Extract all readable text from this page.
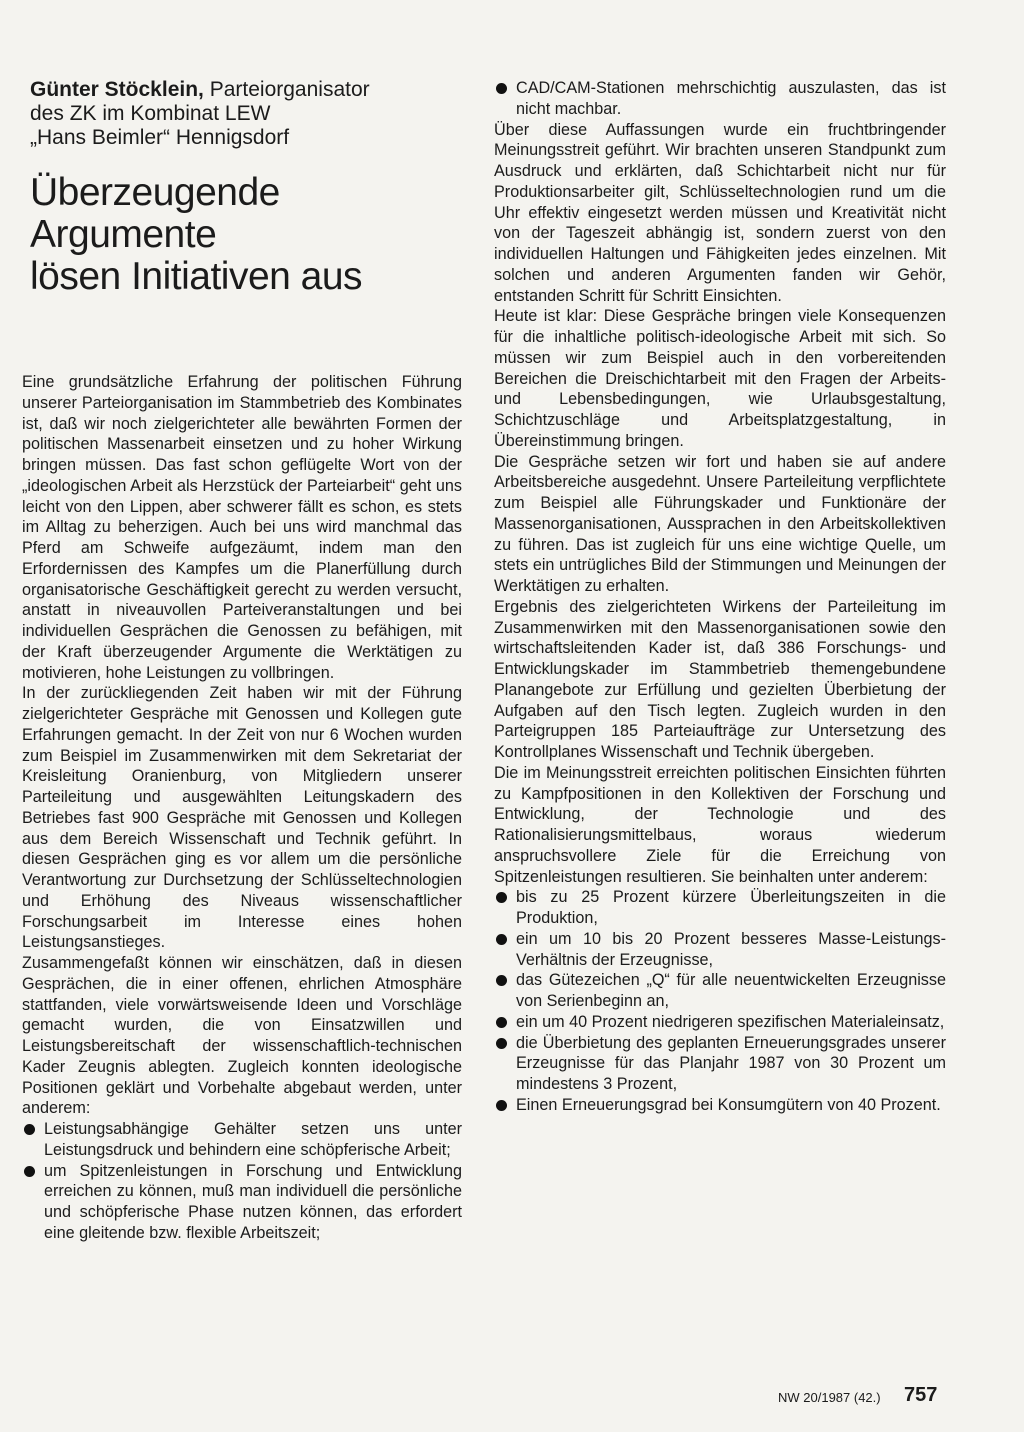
Günter Stöcklein, Parteiorganisator
des ZK im Kombinat LEW
„Hans Beimler“ Hennigsdorf
Überzeugende Argumente
lösen Initiativen aus

Eine grundsätzliche Erfahrung der politischen Führung unserer Parteiorganisation im Stammbetrieb des Kombinates ist, daß wir noch zielgerichteter alle bewährten Formen der politischen Massenarbeit einsetzen und zu hoher Wirkung bringen müssen. Das fast schon geflügelte Wort von der „ideologischen Arbeit als Herzstück der Parteiarbeit“ geht uns leicht von den Lippen, aber schwerer fällt es schon, es stets im Alltag zu beherzigen. Auch bei uns wird manchmal das Pferd am Schweife aufgezäumt, indem man den Erfordernissen des Kampfes um die Planerfüllung durch organisatorische Geschäftigkeit gerecht zu werden versucht, anstatt in niveauvollen Parteiveranstaltungen und bei individuellen Gesprächen die Genossen zu befähigen, mit der Kraft überzeugender Argumente die Werktätigen zu motivieren, hohe Leistungen zu vollbringen.

In der zurückliegenden Zeit haben wir mit der Führung zielgerichteter Gespräche mit Genossen und Kollegen gute Erfahrungen gemacht. In der Zeit von nur 6 Wochen wurden zum Beispiel im Zusammenwirken mit dem Sekretariat der Kreisleitung Oranienburg, von Mitgliedern unserer Parteileitung und ausgewählten Leitungskadern des Betriebes fast 900 Gespräche mit Genossen und Kollegen aus dem Bereich Wissenschaft und Technik geführt. In diesen Gesprächen ging es vor allem um die persönliche Verantwortung zur Durchsetzung der Schlüsseltechnologien und Erhöhung des Niveaus wissenschaftlicher Forschungsarbeit im Interesse eines hohen Leistungsanstieges.

Zusammengefaßt können wir einschätzen, daß in diesen Gesprächen, die in einer offenen, ehrlichen Atmosphäre stattfanden, viele vorwärtsweisende Ideen und Vorschläge gemacht wurden, die von Einsatzwillen und Leistungsbereitschaft der wissenschaftlich-technischen Kader Zeugnis ablegten. Zugleich konnten ideologische Positionen geklärt und Vorbehalte abgebaut werden, unter anderem:

Leistungsabhängige Gehälter setzen uns unter Leistungsdruck und behindern eine schöpferische Arbeit;
um Spitzenleistungen in Forschung und Entwicklung erreichen zu können, muß man individuell die persönliche und schöpferische Phase nutzen können, das erfordert eine gleitende bzw. flexible Arbeitszeit;
CAD/CAM-Stationen mehrschichtig auszulasten, das ist nicht machbar.

Über diese Auffassungen wurde ein fruchtbringender Meinungsstreit geführt. Wir brachten unseren Standpunkt zum Ausdruck und erklärten, daß Schichtarbeit nicht nur für Produktionsarbeiter gilt, Schlüsseltechnologien rund um die Uhr effektiv eingesetzt werden müssen und Kreativität nicht von der Tageszeit abhängig ist, sondern zuerst von den individuellen Haltungen und Fähigkeiten jedes einzelnen. Mit solchen und anderen Argumenten fanden wir Gehör, entstanden Schritt für Schritt Einsichten.

Heute ist klar: Diese Gespräche bringen viele Konsequenzen für die inhaltliche politisch-ideologische Arbeit mit sich. So müssen wir zum Beispiel auch in den vorbereitenden Bereichen die Dreischichtarbeit mit den Fragen der Arbeits- und Lebensbedingungen, wie Urlaubsgestaltung, Schichtzuschläge und Arbeitsplatzgestaltung, in Übereinstimmung bringen.

Die Gespräche setzen wir fort und haben sie auf andere Arbeitsbereiche ausgedehnt. Unsere Parteileitung verpflichtete zum Beispiel alle Führungskader und Funktionäre der Massenorganisationen, Aussprachen in den Arbeitskollektiven zu führen. Das ist zugleich für uns eine wichtige Quelle, um stets ein untrügliches Bild der Stimmungen und Meinungen der Werktätigen zu erhalten.

Ergebnis des zielgerichteten Wirkens der Parteileitung im Zusammenwirken mit den Massenorganisationen sowie den wirtschaftsleitenden Kader ist, daß 386 Forschungs- und Entwicklungskader im Stammbetrieb themengebundene Planangebote zur Erfüllung und gezielten Überbietung der Aufgaben auf den Tisch legten. Zugleich wurden in den Parteigruppen 185 Parteiaufträge zur Untersetzung des Kontrollplanes Wissenschaft und Technik übergeben.

Die im Meinungsstreit erreichten politischen Einsichten führten zu Kampfpositionen in den Kollektiven der Forschung und Entwicklung, der Technologie und des Rationalisierungsmittelbaus, woraus wiederum anspruchsvollere Ziele für die Erreichung von Spitzenleistungen resultieren. Sie beinhalten unter anderem:

bis zu 25 Prozent kürzere Überleitungszeiten in die Produktion,
ein um 10 bis 20 Prozent besseres Masse-Leistungs-Verhältnis der Erzeugnisse,
das Gütezeichen „Q“ für alle neuentwickelten Erzeugnisse von Serienbeginn an,
ein um 40 Prozent niedrigeren spezifischen Materialeinsatz,
die Überbietung des geplanten Erneuerungsgrades unserer Erzeugnisse für das Planjahr 1987 von 30 Prozent um mindestens 3 Prozent,
Einen Erneuerungsgrad bei Konsumgütern von 40 Prozent.
NW 20/1987 (42.) 757
